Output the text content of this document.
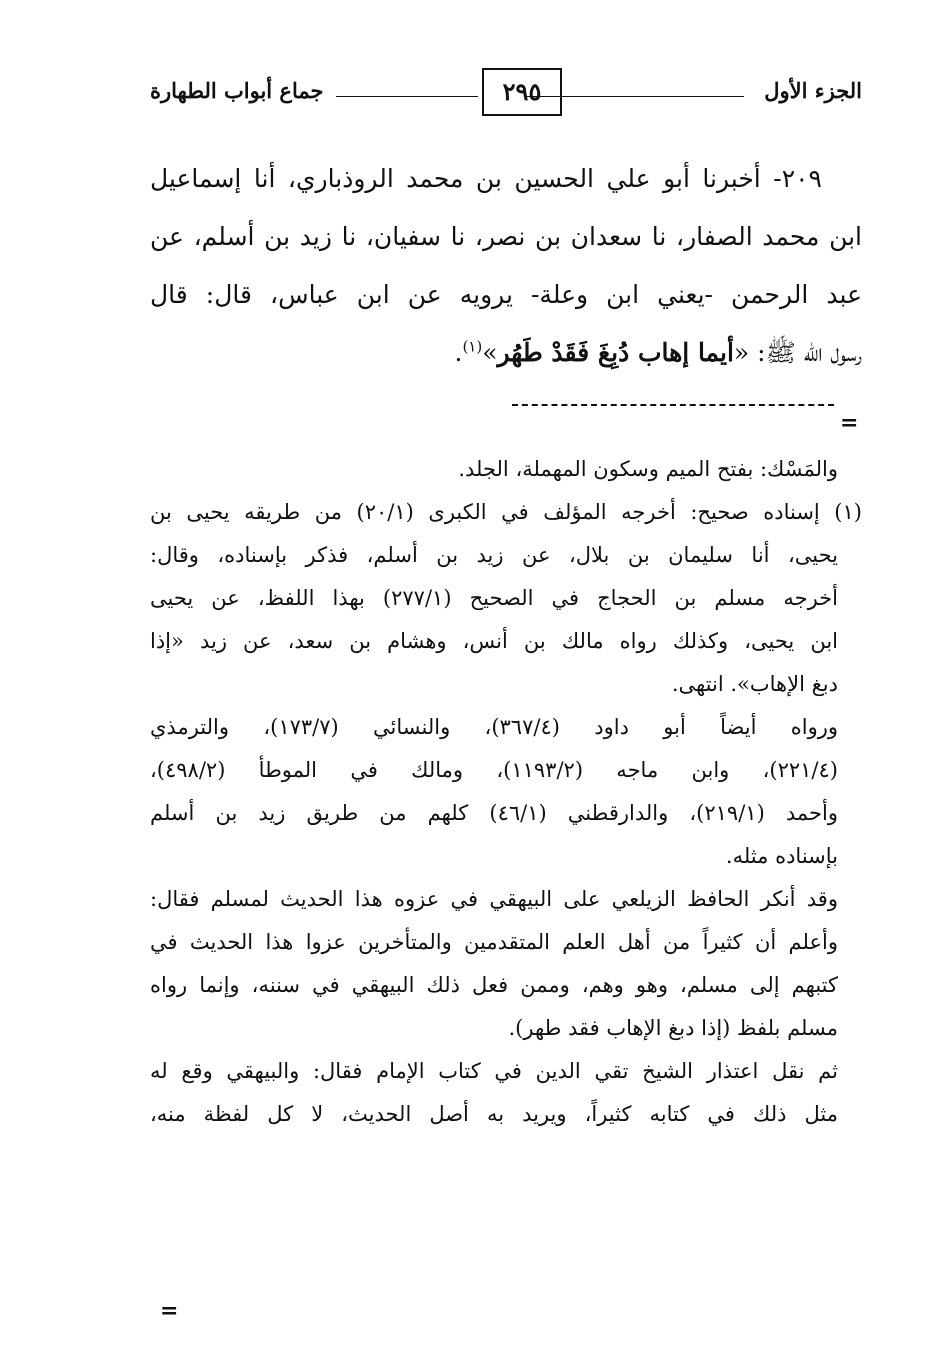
الجزء الأول
٢٩٥
جماع أبواب الطهارة
٢٠٩- أخبرنا أبو علي الحسين بن محمد الروذباري، أنا إسماعيل
ابن محمد الصفار، نا سعدان بن نصر، نا سفيان، نا زيد بن أسلم، عن
عبد الرحمن -يعني ابن وعلة- يرويه عن ابن عباس، قال: قال
رسول الله ﷺ: «أيما إهاب دُبِغَ فَقَدْ طَهُر»$^{(١)}$.
=
والمَسْك: بفتح الميم وسكون المهملة، الجلد.
(١) إسناده صحيح: أخرجه المؤلف في الكبرى (٢٠/١) من طريقه يحيى بن
يحيى، أنا سليمان بن بلال، عن زيد بن أسلم، فذكر بإسناده، وقال:
أخرجه مسلم بن الحجاج في الصحيح (٢٧٧/١) بهذا اللفظ، عن يحيى
ابن يحيى، وكذلك رواه مالك بن أنس، وهشام بن سعد، عن زيد «إذا
دبغ الإهاب». انتهى.
ورواه أيضاً أبو داود (٣٦٧/٤)، والنسائي (١٧٣/٧)، والترمذي
(٢٢١/٤)، وابن ماجه (١١٩٣/٢)، ومالك في الموطأ (٤٩٨/٢)،
وأحمد (٢١٩/١)، والدارقطني (٤٦/١) كلهم من طريق زيد بن أسلم
بإسناده مثله.
وقد أنكر الحافظ الزيلعي على البيهقي في عزوه هذا الحديث لمسلم فقال:
وأعلم أن كثيراً من أهل العلم المتقدمين والمتأخرين عزوا هذا الحديث في
كتبهم إلى مسلم، وهو وهم، وممن فعل ذلك البيهقي في سننه، وإنما رواه
مسلم بلفظ (إذا دبغ الإهاب فقد طهر).
ثم نقل اعتذار الشيخ تقي الدين في كتاب الإمام فقال: والبيهقي وقع له
مثل ذلك في كتابه كثيراً، ويريد به أصل الحديث، لا كل لفظة منه،
=
